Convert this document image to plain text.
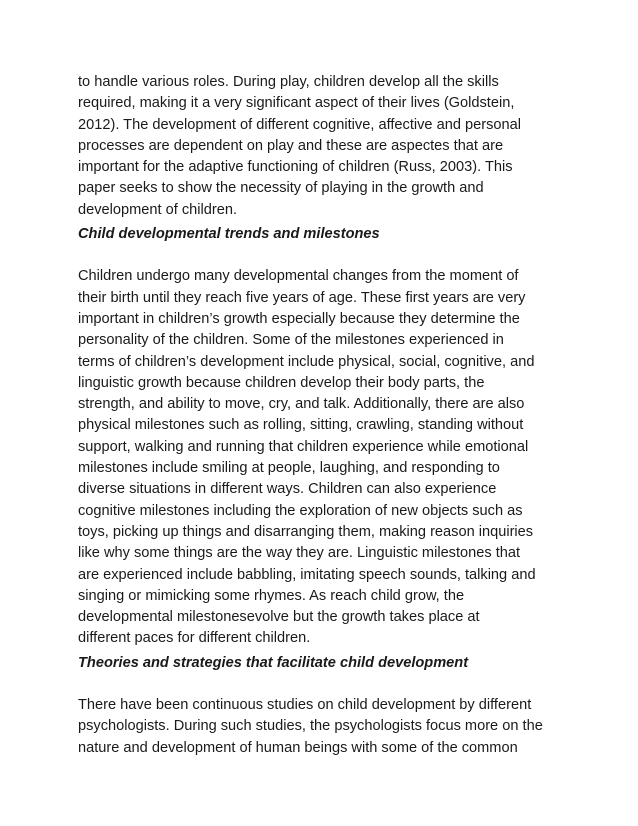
to handle various roles. During play, children develop all the skills
required, making it a very significant aspect of their lives (Goldstein,
2012). The development of different cognitive, affective and personal
processes are dependent on play and these are aspectes that are
important for the adaptive functioning of children (Russ, 2003). This
paper seeks to show the necessity of playing in the growth and
development of children.
Child developmental trends and milestones
Children undergo many developmental changes from the moment of
their birth until they reach five years of age. These first years are very
important in children’s growth especially because they determine the
personality of the children. Some of the milestones experienced in
terms of children’s development include physical, social, cognitive, and
linguistic growth because children develop their body parts, the
strength, and ability to move, cry, and talk. Additionally, there are also
physical milestones such as rolling, sitting, crawling, standing without
support, walking and running that children experience while emotional
milestones include smiling at people, laughing, and responding to
diverse situations in different ways. Children can also experience
cognitive milestones including the exploration of new objects such as
toys, picking up things and disarranging them, making reason inquiries
like why some things are the way they are. Linguistic milestones that
are experienced include babbling, imitating speech sounds, talking and
singing or mimicking some rhymes. As reach child grow, the
developmental milestonesevolve but the growth takes place at
different paces for different children.
Theories and strategies that facilitate child development
There have been continuous studies on child development by different
psychologists. During such studies, the psychologists focus more on the
nature and development of human beings with some of the common
